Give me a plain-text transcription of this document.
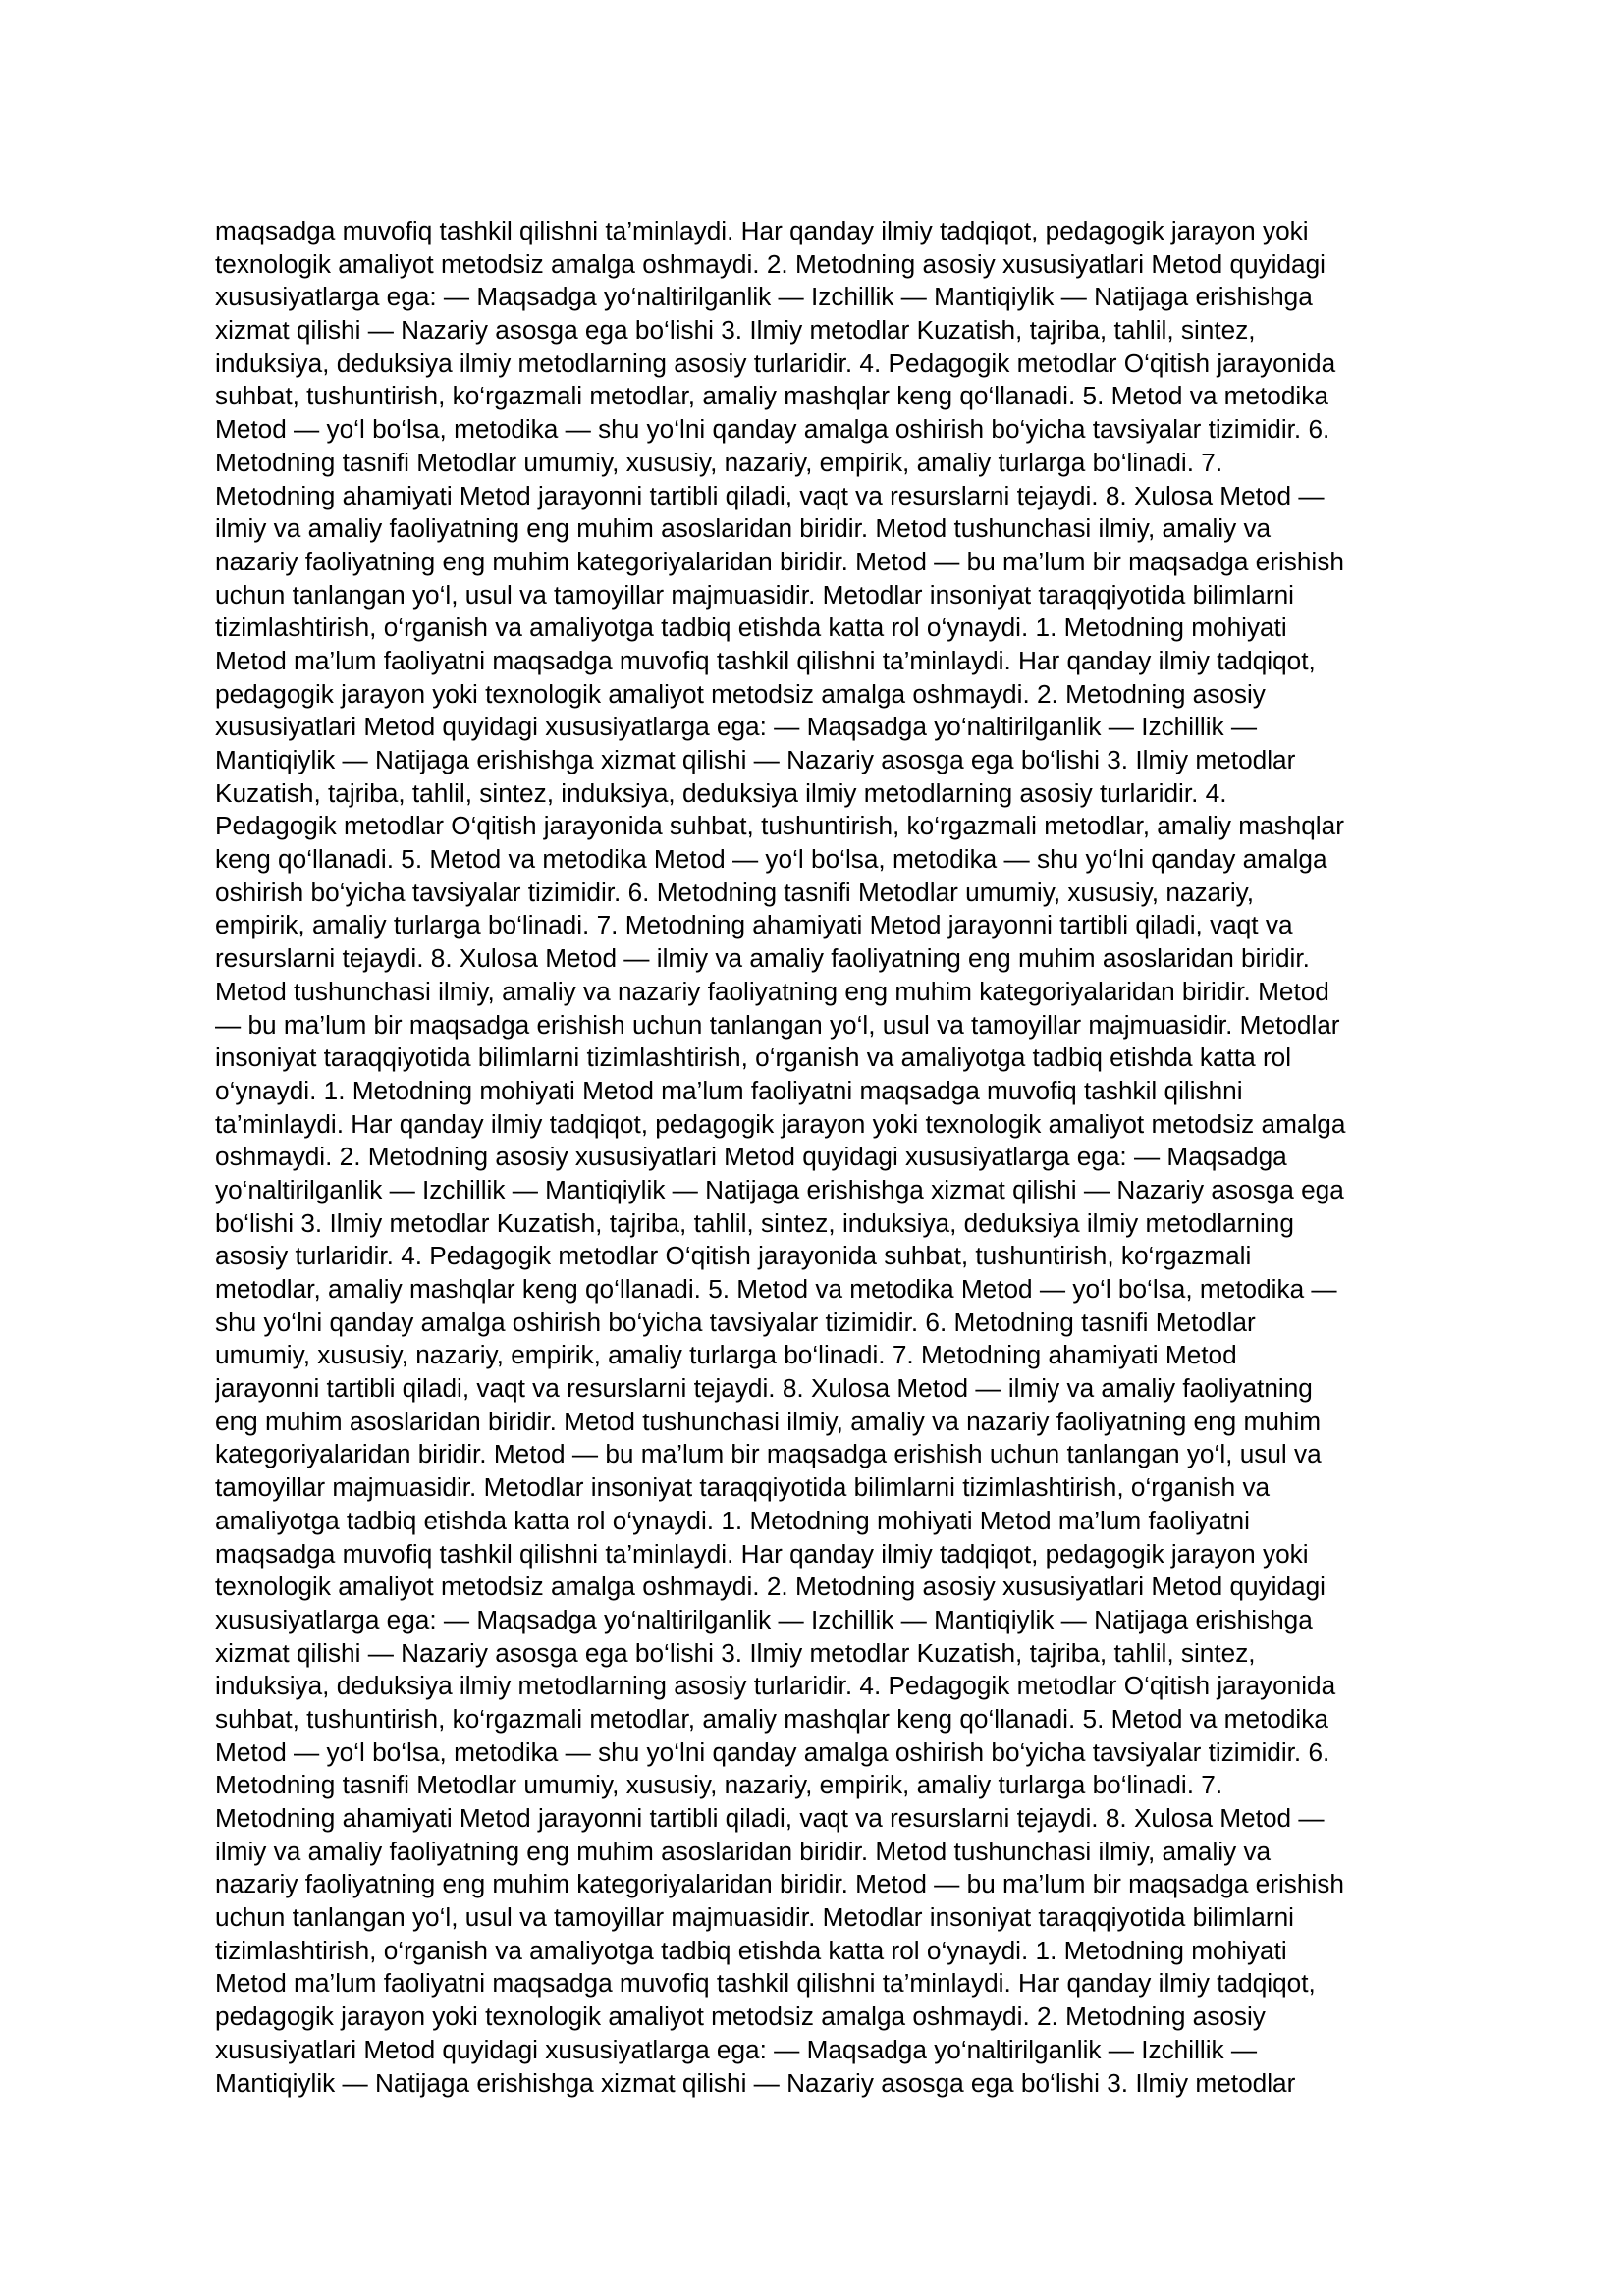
maqsadga muvofiq tashkil qilishni ta’minlaydi. Har qanday ilmiy tadqiqot, pedagogik jarayon yoki
texnologik amaliyot metodsiz amalga oshmaydi. 2. Metodning asosiy xususiyatlari Metod quyidagi
xususiyatlarga ega: — Maqsadga yo‘naltirilganlik — Izchillik — Mantiqiylik — Natijaga erishishga
xizmat qilishi — Nazariy asosga ega bo‘lishi 3. Ilmiy metodlar Kuzatish, tajriba, tahlil, sintez,
induksiya, deduksiya ilmiy metodlarning asosiy turlaridir. 4. Pedagogik metodlar O‘qitish jarayonida
suhbat, tushuntirish, ko‘rgazmali metodlar, amaliy mashqlar keng qo‘llanadi. 5. Metod va metodika
Metod — yo‘l bo‘lsa, metodika — shu yo‘lni qanday amalga oshirish bo‘yicha tavsiyalar tizimidir. 6.
Metodning tasnifi Metodlar umumiy, xususiy, nazariy, empirik, amaliy turlarga bo‘linadi. 7.
Metodning ahamiyati Metod jarayonni tartibli qiladi, vaqt va resurslarni tejaydi. 8. Xulosa Metod —
ilmiy va amaliy faoliyatning eng muhim asoslaridan biridir. Metod tushunchasi ilmiy, amaliy va
nazariy faoliyatning eng muhim kategoriyalaridan biridir. Metod — bu ma’lum bir maqsadga erishish
uchun tanlangan yo‘l, usul va tamoyillar majmuasidir. Metodlar insoniyat taraqqiyotida bilimlarni
tizimlashtirish, o‘rganish va amaliyotga tadbiq etishda katta rol o‘ynaydi. 1. Metodning mohiyati
Metod ma’lum faoliyatni maqsadga muvofiq tashkil qilishni ta’minlaydi. Har qanday ilmiy tadqiqot,
pedagogik jarayon yoki texnologik amaliyot metodsiz amalga oshmaydi. 2. Metodning asosiy
xususiyatlari Metod quyidagi xususiyatlarga ega: — Maqsadga yo‘naltirilganlik — Izchillik —
Mantiqiylik — Natijaga erishishga xizmat qilishi — Nazariy asosga ega bo‘lishi 3. Ilmiy metodlar
Kuzatish, tajriba, tahlil, sintez, induksiya, deduksiya ilmiy metodlarning asosiy turlaridir. 4.
Pedagogik metodlar O‘qitish jarayonida suhbat, tushuntirish, ko‘rgazmali metodlar, amaliy mashqlar
keng qo‘llanadi. 5. Metod va metodika Metod — yo‘l bo‘lsa, metodika — shu yo‘lni qanday amalga
oshirish bo‘yicha tavsiyalar tizimidir. 6. Metodning tasnifi Metodlar umumiy, xususiy, nazariy,
empirik, amaliy turlarga bo‘linadi. 7. Metodning ahamiyati Metod jarayonni tartibli qiladi, vaqt va
resurslarni tejaydi. 8. Xulosa Metod — ilmiy va amaliy faoliyatning eng muhim asoslaridan biridir.
Metod tushunchasi ilmiy, amaliy va nazariy faoliyatning eng muhim kategoriyalaridan biridir. Metod
— bu ma’lum bir maqsadga erishish uchun tanlangan yo‘l, usul va tamoyillar majmuasidir. Metodlar
insoniyat taraqqiyotida bilimlarni tizimlashtirish, o‘rganish va amaliyotga tadbiq etishda katta rol
o‘ynaydi. 1. Metodning mohiyati Metod ma’lum faoliyatni maqsadga muvofiq tashkil qilishni
ta’minlaydi. Har qanday ilmiy tadqiqot, pedagogik jarayon yoki texnologik amaliyot metodsiz amalga
oshmaydi. 2. Metodning asosiy xususiyatlari Metod quyidagi xususiyatlarga ega: — Maqsadga
yo‘naltirilganlik — Izchillik — Mantiqiylik — Natijaga erishishga xizmat qilishi — Nazariy asosga ega
bo‘lishi 3. Ilmiy metodlar Kuzatish, tajriba, tahlil, sintez, induksiya, deduksiya ilmiy metodlarning
asosiy turlaridir. 4. Pedagogik metodlar O‘qitish jarayonida suhbat, tushuntirish, ko‘rgazmali
metodlar, amaliy mashqlar keng qo‘llanadi. 5. Metod va metodika Metod — yo‘l bo‘lsa, metodika —
shu yo‘lni qanday amalga oshirish bo‘yicha tavsiyalar tizimidir. 6. Metodning tasnifi Metodlar
umumiy, xususiy, nazariy, empirik, amaliy turlarga bo‘linadi. 7. Metodning ahamiyati Metod
jarayonni tartibli qiladi, vaqt va resurslarni tejaydi. 8. Xulosa Metod — ilmiy va amaliy faoliyatning
eng muhim asoslaridan biridir. Metod tushunchasi ilmiy, amaliy va nazariy faoliyatning eng muhim
kategoriyalaridan biridir. Metod — bu ma’lum bir maqsadga erishish uchun tanlangan yo‘l, usul va
tamoyillar majmuasidir. Metodlar insoniyat taraqqiyotida bilimlarni tizimlashtirish, o‘rganish va
amaliyotga tadbiq etishda katta rol o‘ynaydi. 1. Metodning mohiyati Metod ma’lum faoliyatni
maqsadga muvofiq tashkil qilishni ta’minlaydi. Har qanday ilmiy tadqiqot, pedagogik jarayon yoki
texnologik amaliyot metodsiz amalga oshmaydi. 2. Metodning asosiy xususiyatlari Metod quyidagi
xususiyatlarga ega: — Maqsadga yo‘naltirilganlik — Izchillik — Mantiqiylik — Natijaga erishishga
xizmat qilishi — Nazariy asosga ega bo‘lishi 3. Ilmiy metodlar Kuzatish, tajriba, tahlil, sintez,
induksiya, deduksiya ilmiy metodlarning asosiy turlaridir. 4. Pedagogik metodlar O‘qitish jarayonida
suhbat, tushuntirish, ko‘rgazmali metodlar, amaliy mashqlar keng qo‘llanadi. 5. Metod va metodika
Metod — yo‘l bo‘lsa, metodika — shu yo‘lni qanday amalga oshirish bo‘yicha tavsiyalar tizimidir. 6.
Metodning tasnifi Metodlar umumiy, xususiy, nazariy, empirik, amaliy turlarga bo‘linadi. 7.
Metodning ahamiyati Metod jarayonni tartibli qiladi, vaqt va resurslarni tejaydi. 8. Xulosa Metod —
ilmiy va amaliy faoliyatning eng muhim asoslaridan biridir. Metod tushunchasi ilmiy, amaliy va
nazariy faoliyatning eng muhim kategoriyalaridan biridir. Metod — bu ma’lum bir maqsadga erishish
uchun tanlangan yo‘l, usul va tamoyillar majmuasidir. Metodlar insoniyat taraqqiyotida bilimlarni
tizimlashtirish, o‘rganish va amaliyotga tadbiq etishda katta rol o‘ynaydi. 1. Metodning mohiyati
Metod ma’lum faoliyatni maqsadga muvofiq tashkil qilishni ta’minlaydi. Har qanday ilmiy tadqiqot,
pedagogik jarayon yoki texnologik amaliyot metodsiz amalga oshmaydi. 2. Metodning asosiy
xususiyatlari Metod quyidagi xususiyatlarga ega: — Maqsadga yo‘naltirilganlik — Izchillik —
Mantiqiylik — Natijaga erishishga xizmat qilishi — Nazariy asosga ega bo‘lishi 3. Ilmiy metodlar
